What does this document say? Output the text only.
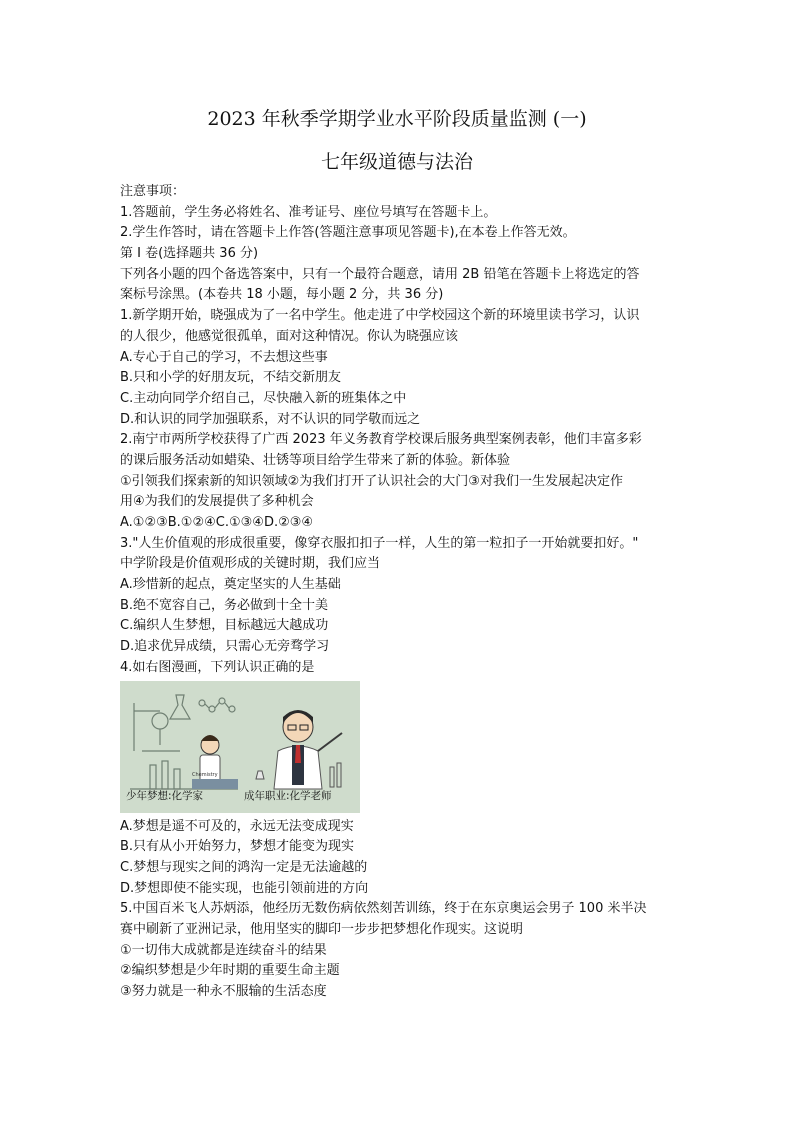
2023 年秋季学期学业水平阶段质量监测 (一)
七年级道德与法治
注意事项：
1.答题前，学生务必将姓名、准考证号、座位号填写在答题卡上。
2.学生作答时，请在答题卡上作答(答题注意事项见答题卡),在本卷上作答无效。
第 I 卷(选择题共 36 分)
下列各小题的四个备选答案中，只有一个最符合题意，请用 2B 铅笔在答题卡上将选定的答
案标号涂黑。(本卷共 18 小题，每小题 2 分，共 36 分)
1.新学期开始，晓强成为了一名中学生。他走进了中学校园这个新的环境里读书学习，认识
的人很少，他感觉很孤单，面对这种情况。你认为晓强应该
A.专心于自己的学习，不去想这些事
B.只和小学的好朋友玩，不结交新朋友
C.主动向同学介绍自己，尽快融入新的班集体之中
D.和认识的同学加强联系，对不认识的同学敬而远之
2.南宁市两所学校获得了广西 2023 年义务教育学校课后服务典型案例表彰，他们丰富多彩
的课后服务活动如蜡染、壮锈等项目给学生带来了新的体验。新体验
①引领我们探索新的知识领域②为我们打开了认识社会的大门③对我们一生发展起决定作
用④为我们的发展提供了多种机会
A.①②③B.①②④C.①③④D.②③④
3."人生价值观的形成很重要，像穿衣服扣扣子一样，人生的第一粒扣子一开始就要扣好。"
中学阶段是价值观形成的关键时期，我们应当
A.珍惜新的起点，奠定坚实的人生基础
B.绝不宽容自己，务必做到十全十美
C.编织人生梦想，目标越远大越成功
D.追求优异成绩，只需心无旁骛学习
4.如右图漫画，下列认识正确的是
Chemistry
少年梦想:化学家	成年职业:化学老师
A.梦想是遥不可及的，永远无法变成现实
B.只有从小开始努力，梦想才能变为现实
C.梦想与现实之间的鸿沟一定是无法逾越的
D.梦想即使不能实现，也能引领前进的方向
5.中国百米飞人苏炳添，他经历无数伤病依然刻苦训练，终于在东京奥运会男子 100 米半决
赛中刷新了亚洲记录，他用坚实的脚印一步步把梦想化作现实。这说明
①一切伟大成就都是连续奋斗的结果
②编织梦想是少年时期的重要生命主题
③努力就是一种永不服输的生活态度
